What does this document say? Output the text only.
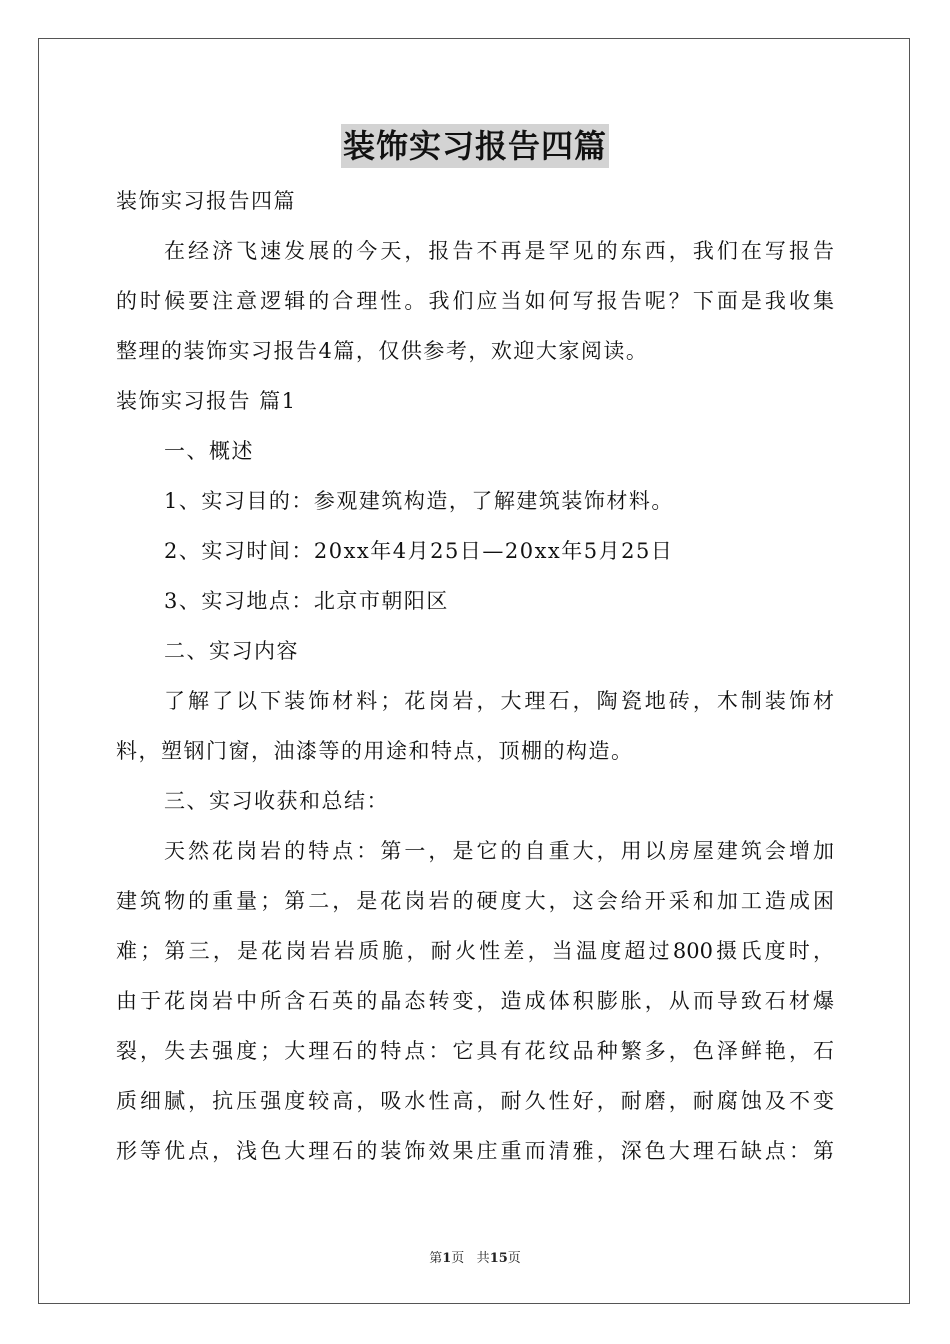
装饰实习报告四篇
装饰实习报告四篇
在经济飞速发展的今天，报告不再是罕见的东西，我们在写报告
的时候要注意逻辑的合理性。我们应当如何写报告呢？下面是我收集
整理的装饰实习报告4篇，仅供参考，欢迎大家阅读。
装饰实习报告 篇1
一、概述
1、实习目的：参观建筑构造，了解建筑装饰材料。
2、实习时间：20xx年4月25日—20xx年5月25日
3、实习地点：北京市朝阳区
二、实习内容
了解了以下装饰材料；花岗岩，大理石，陶瓷地砖，木制装饰材
料，塑钢门窗，油漆等的用途和特点，顶棚的构造。
三、实习收获和总结：
天然花岗岩的特点：第一，是它的自重大，用以房屋建筑会增加
建筑物的重量；第二，是花岗岩的硬度大，这会给开采和加工造成困
难；第三，是花岗岩岩质脆，耐火性差，当温度超过800摄氏度时，
由于花岗岩中所含石英的晶态转变，造成体积膨胀，从而导致石材爆
裂，失去强度；大理石的特点：它具有花纹品种繁多，色泽鲜艳，石
质细腻，抗压强度较高，吸水性高，耐久性好，耐磨，耐腐蚀及不变
形等优点，浅色大理石的装饰效果庄重而清雅，深色大理石缺点：第
第1页 共15页
